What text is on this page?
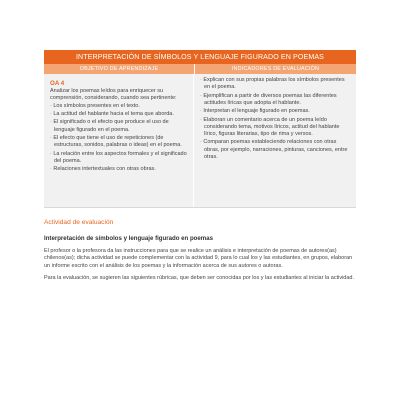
INTERPRETACIÓN DE SÍMBOLOS Y LENGUAJE FIGURADO EN POEMAS
OBJETIVO DE APRENDIZAJE	INDICADORES DE EVALUACIÓN
OA 4
Analizar los poemas leídos para enriquecer su comprensión, considerando, cuando sea pertinente:
· Los símbolos presentes en el texto.
· La actitud del hablante hacia el tema que aborda.
· El significado o el efecto que produce el uso de lenguaje figurado en el poema.
· El efecto que tiene el uso de repeticiones (de estructuras, sonidos, palabras o ideas) en el poema.
· La relación entre los aspectos formales y el significado del poema.
· Relaciones intertextuales con otras obras.
· Explican con sus propias palabras los símbolos presentes en el poema.
· Ejemplifican a partir de diversos poemas las diferentes actitudes líricas que adopta el hablante.
· Interpretan el lenguaje figurado en poemas.
· Elaboran un comentario acerca de un poema leído considerando tema, motivos líricos, actitud del hablante lírico, figuras literarias, tipo de rima y versos.
· Comparan poemas estableciendo relaciones con otras obras, por ejemplo, narraciones, pinturas, canciones, entre otras.
Actividad de evaluación
Interpretación de símbolos y lenguaje figurado en poemas
El profesor o la profesora da las instrucciones para que se realice un análisis e interpretación de poemas de autores(as) chilenos(as); dicha actividad se puede complementar con la actividad 9, para lo cual los y las estudiantes, en grupos, elaboran un informe escrito con el análisis de los poemas y la información acerca de sus autores o autoras.
Para la evaluación, se sugieren las siguientes rúbricas, que deben ser conocidas por los y las estudiantes al iniciar la actividad.
